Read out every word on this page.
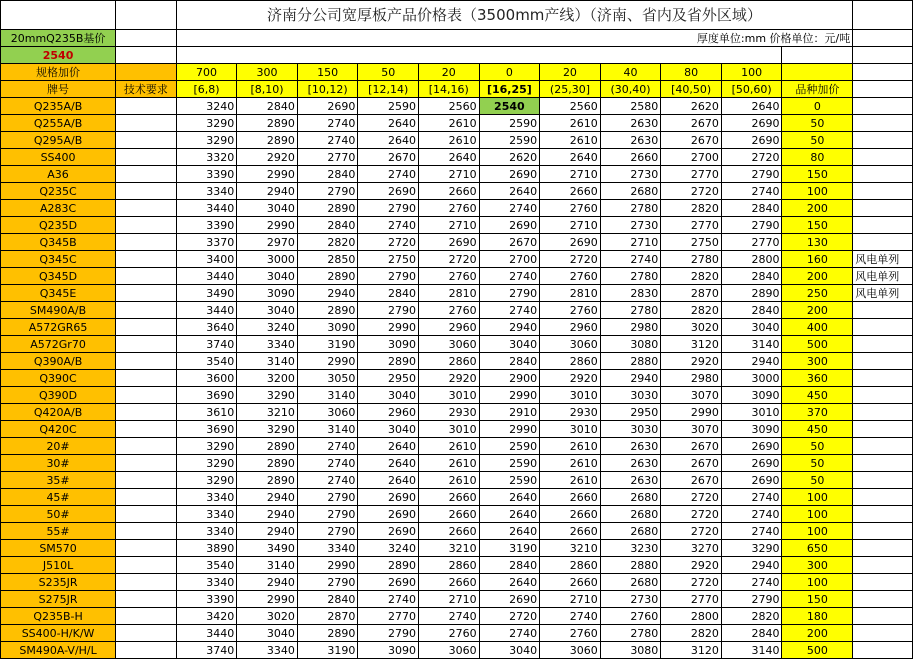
		济南分公司宽厚板产品价格表（3500mm产线）（济南、省内及省外区域）											
20mmQ235B基价		厚度单位:mm 价格单位：元/吨											
2540													
规格加价		700	300	150	50	20	0	20	40	80	100		
牌号	技术要求	[6,8)	[8,10)	[10,12)	[12,14)	[14,16)	[16,25]	(25,30]	(30,40)	[40,50)	[50,60)	品种加价	
Q235A/B		3240	2840	2690	2590	2560	2540	2560	2580	2620	2640	0	
Q255A/B		3290	2890	2740	2640	2610	2590	2610	2630	2670	2690	50	
Q295A/B		3290	2890	2740	2640	2610	2590	2610	2630	2670	2690	50	
SS400		3320	2920	2770	2670	2640	2620	2640	2660	2700	2720	80	
A36		3390	2990	2840	2740	2710	2690	2710	2730	2770	2790	150	
Q235C		3340	2940	2790	2690	2660	2640	2660	2680	2720	2740	100	
A283C		3440	3040	2890	2790	2760	2740	2760	2780	2820	2840	200	
Q235D		3390	2990	2840	2740	2710	2690	2710	2730	2770	2790	150	
Q345B		3370	2970	2820	2720	2690	2670	2690	2710	2750	2770	130	
Q345C		3400	3000	2850	2750	2720	2700	2720	2740	2780	2800	160	风电单列
Q345D		3440	3040	2890	2790	2760	2740	2760	2780	2820	2840	200	风电单列
Q345E		3490	3090	2940	2840	2810	2790	2810	2830	2870	2890	250	风电单列
SM490A/B		3440	3040	2890	2790	2760	2740	2760	2780	2820	2840	200	
A572GR65		3640	3240	3090	2990	2960	2940	2960	2980	3020	3040	400	
A572Gr70		3740	3340	3190	3090	3060	3040	3060	3080	3120	3140	500	
Q390A/B		3540	3140	2990	2890	2860	2840	2860	2880	2920	2940	300	
Q390C		3600	3200	3050	2950	2920	2900	2920	2940	2980	3000	360	
Q390D		3690	3290	3140	3040	3010	2990	3010	3030	3070	3090	450	
Q420A/B		3610	3210	3060	2960	2930	2910	2930	2950	2990	3010	370	
Q420C		3690	3290	3140	3040	3010	2990	3010	3030	3070	3090	450	
20#		3290	2890	2740	2640	2610	2590	2610	2630	2670	2690	50	
30#		3290	2890	2740	2640	2610	2590	2610	2630	2670	2690	50	
35#		3290	2890	2740	2640	2610	2590	2610	2630	2670	2690	50	
45#		3340	2940	2790	2690	2660	2640	2660	2680	2720	2740	100	
50#		3340	2940	2790	2690	2660	2640	2660	2680	2720	2740	100	
55#		3340	2940	2790	2690	2660	2640	2660	2680	2720	2740	100	
SM570		3890	3490	3340	3240	3210	3190	3210	3230	3270	3290	650	
J510L		3540	3140	2990	2890	2860	2840	2860	2880	2920	2940	300	
S235JR		3340	2940	2790	2690	2660	2640	2660	2680	2720	2740	100	
S275JR		3390	2990	2840	2740	2710	2690	2710	2730	2770	2790	150	
Q235B-H		3420	3020	2870	2770	2740	2720	2740	2760	2800	2820	180	
SS400-H/K/W		3440	3040	2890	2790	2760	2740	2760	2780	2820	2840	200	
SM490A-V/H/L		3740	3340	3190	3090	3060	3040	3060	3080	3120	3140	500	
